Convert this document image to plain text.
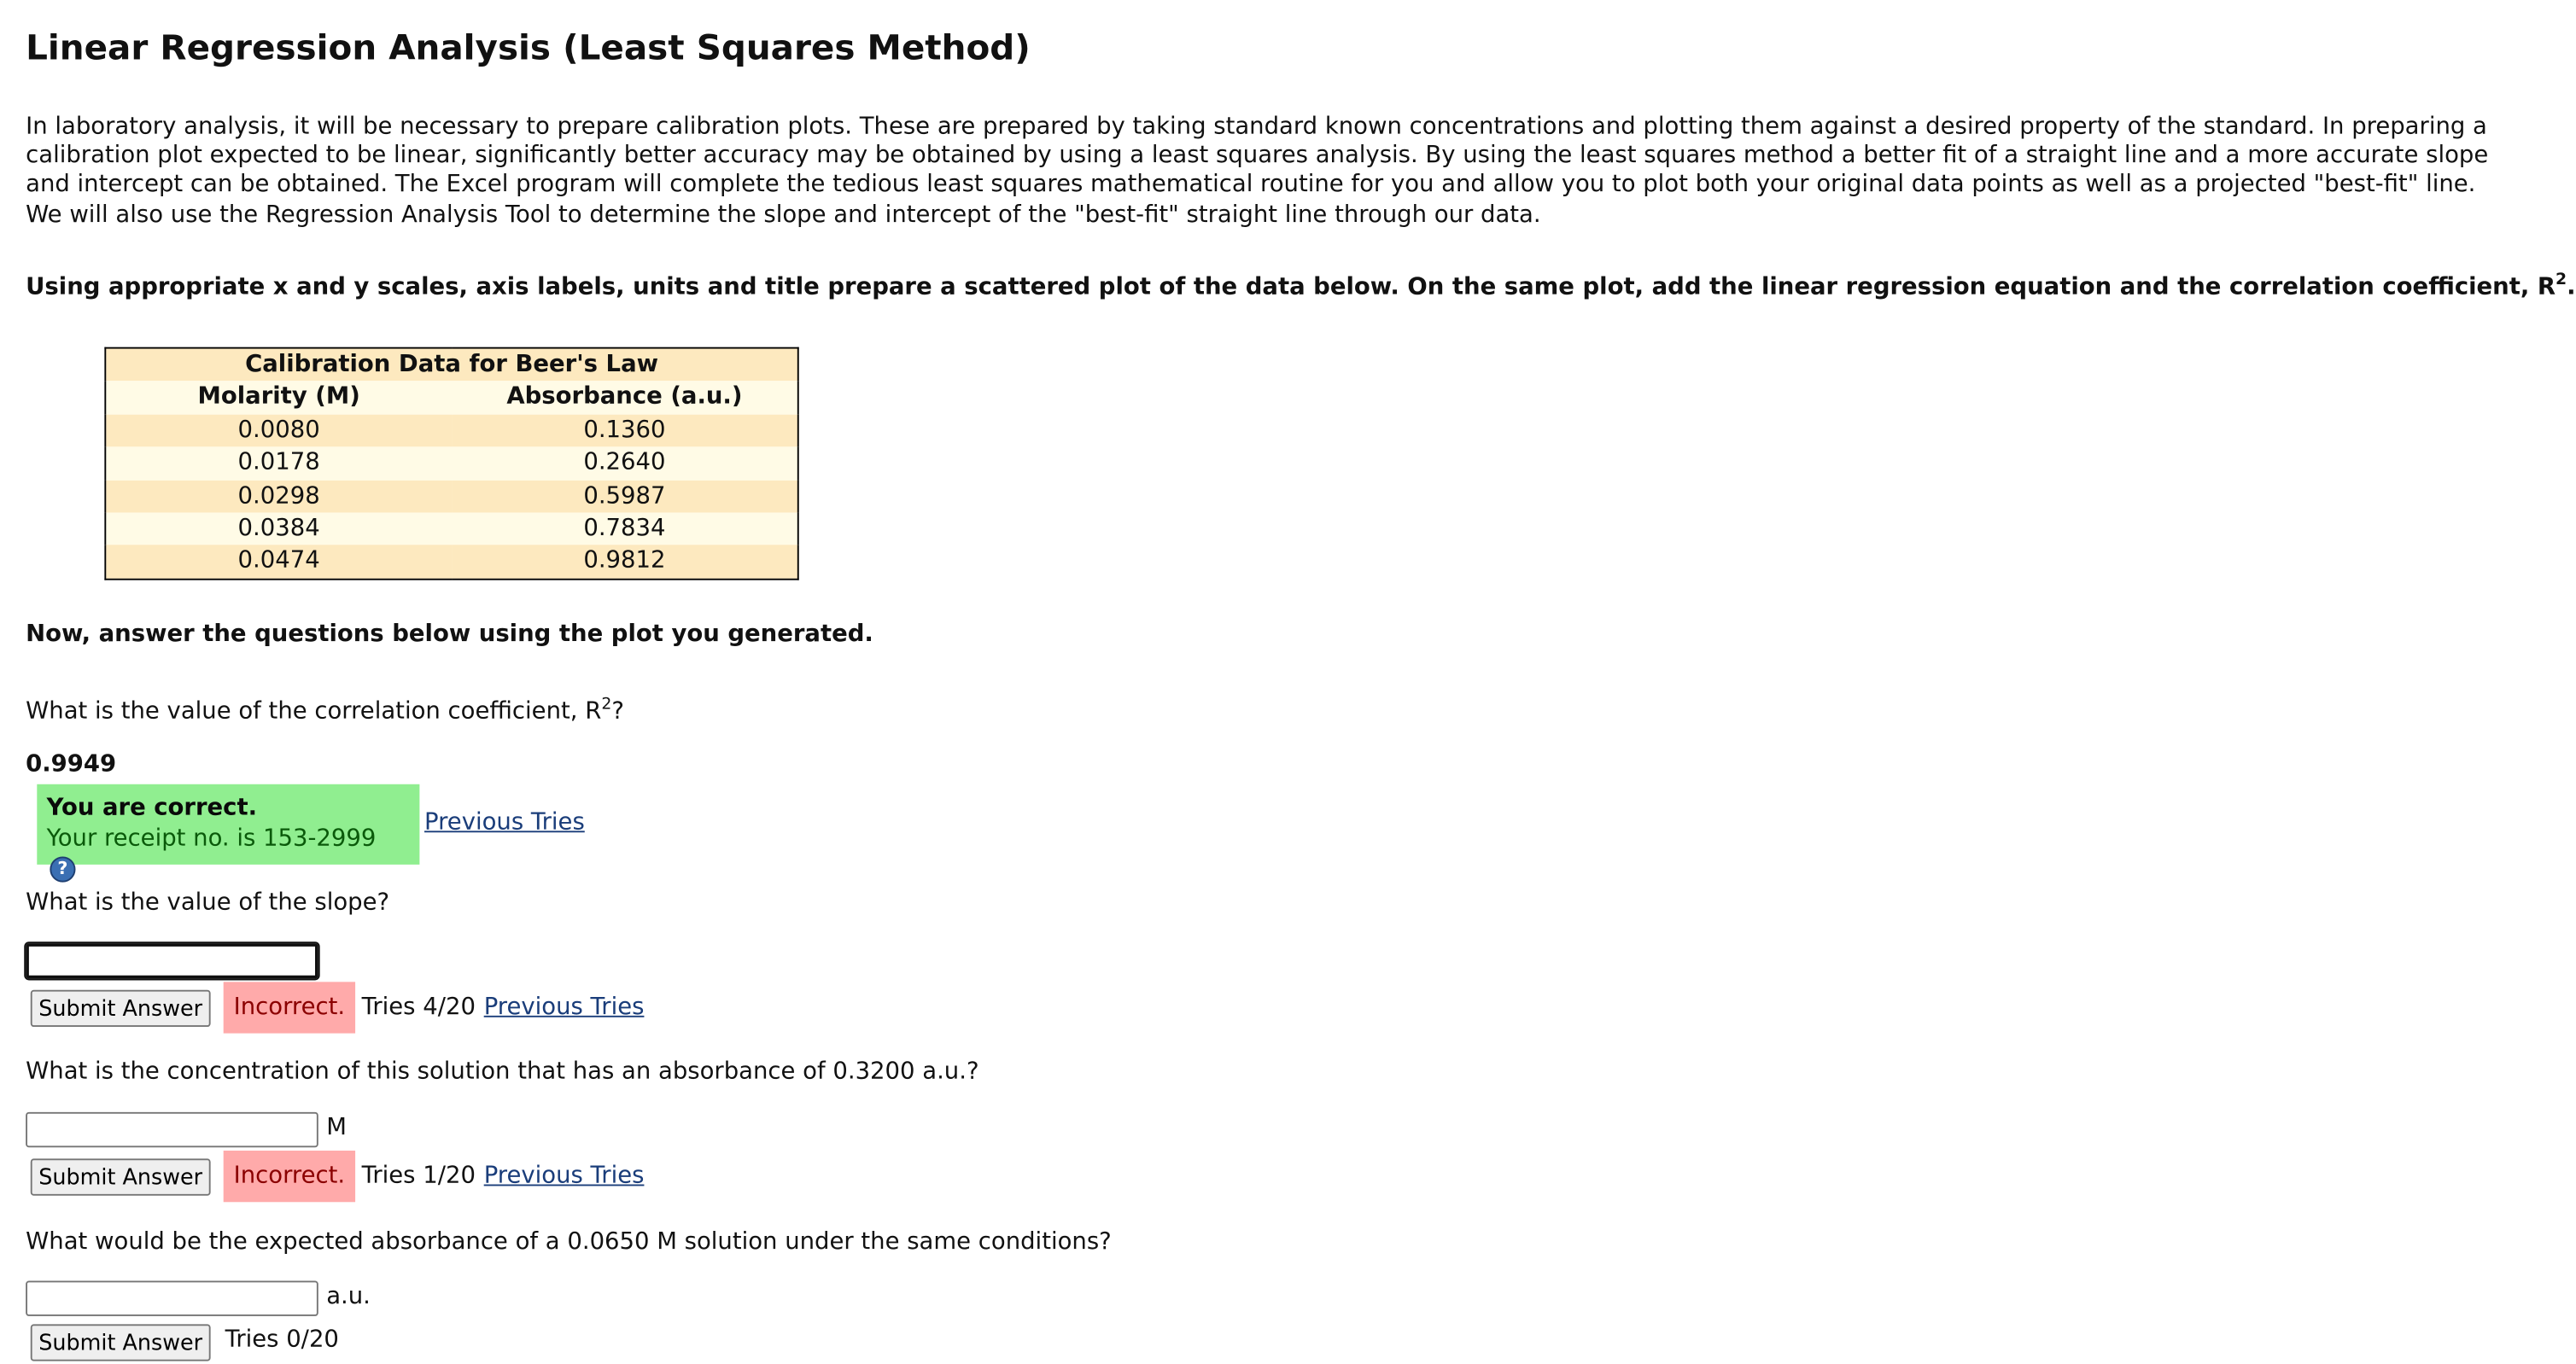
Linear Regression Analysis (Least Squares Method)

In laboratory analysis, it will be necessary to prepare calibration plots. These are prepared by taking standard known concentrations and plotting them against a desired property of the standard. In preparing a calibration plot expected to be linear, significantly better accuracy may be obtained by using a least squares analysis. By using the least squares method a better fit of a straight line and a more accurate slope and intercept can be obtained. The Excel program will complete the tedious least squares mathematical routine for you and allow you to plot both your original data points as well as a projected "best-fit" line. We will also use the Regression Analysis Tool to determine the slope and intercept of the "best-fit" straight line through our data.

Using appropriate x and y scales, axis labels, units and title prepare a scattered plot of the data below. On the same plot, add the linear regression equation and the correlation coefficient, $R^2$.

Calibration Data for Beer's Law	
Molarity (M)	Absorbance (a.u.)
0.0080	0.1360
0.0178	0.2640
0.0298	0.5987
0.0384	0.7834
0.0474	0.9812

Now, answer the questions below using the plot you generated.

What is the value of the correlation coefficient, $R^2$?

0.9949

You are correct.
Your receipt no. is 153-2999 ?
Previous Tries

What is the value of the slope?

Submit Answer	Incorrect.	Tries 4/20 Previous Tries

What is the concentration of this solution that has an absorbance of 0.3200 a.u.?

M
Submit Answer	Incorrect.	Tries 1/20 Previous Tries

What would be the expected absorbance of a 0.0650 M solution under the same conditions?

a.u.
Submit Answer	Tries 0/20
